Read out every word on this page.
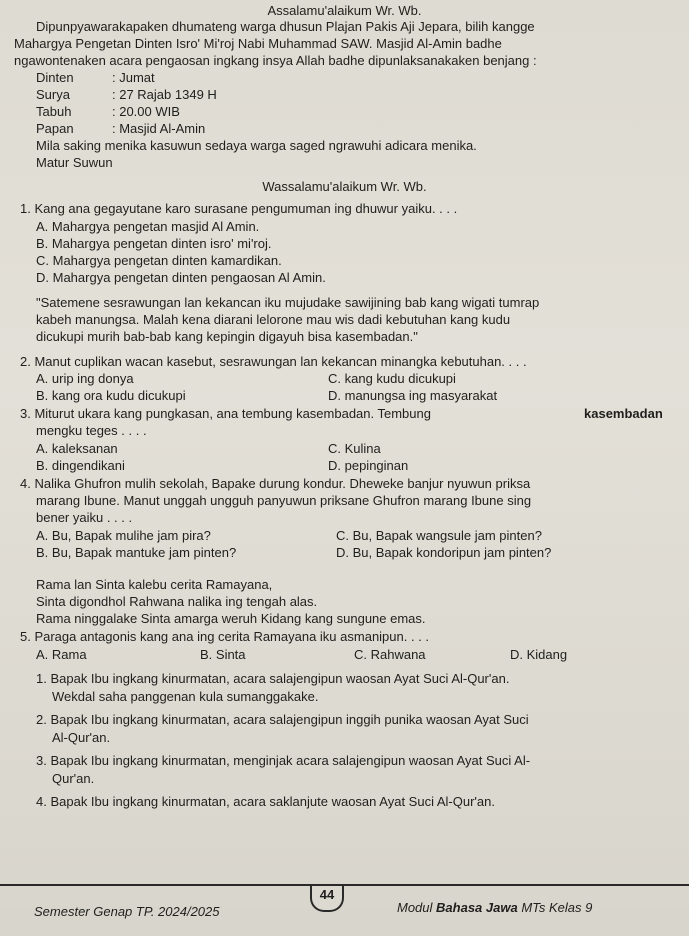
Assalamu'alaikum Wr. Wb.
Dipunpyawarakapaken dhumateng warga dhusun Plajan Pakis Aji Jepara, bilih kangge
Mahargya Pengetan Dinten Isro' Mi'roj Nabi Muhammad SAW. Masjid Al-Amin badhe
ngawontenaken acara pengaosan ingkang insya Allah badhe dipunlaksanakaken benjang :
Dinten	: Jumat
Surya	: 27 Rajab 1349 H
Tabuh	: 20.00 WIB
Papan	: Masjid Al-Amin
Mila saking menika kasuwun sedaya warga saged ngrawuhi adicara menika.
Matur Suwun
Wassalamu'alaikum Wr. Wb.
1. Kang ana gegayutane karo surasane pengumuman ing dhuwur yaiku. . . .
A. Mahargya pengetan masjid Al Amin.
B. Mahargya pengetan dinten isro' mi'roj.
C. Mahargya pengetan dinten kamardikan.
D. Mahargya pengetan dinten pengaosan Al Amin.
"Satemene sesrawungan lan kekancan iku mujudake sawijining bab kang wigati tumrap
kabeh manungsa. Malah kena diarani lelorone mau wis dadi kebutuhan kang kudu
dicukupi murih bab-bab kang kepingin digayuh bisa kasembadan."
2. Manut cuplikan wacan kasebut, sesrawungan lan kekancan minangka kebutuhan. . . .
A. urip ing donya	C. kang kudu dicukupi
B. kang ora kudu dicukupi	D. manungsa ing masyarakat
3. Miturut ukara kang pungkasan, ana tembung kasembadan. Tembung	kasembadan
mengku teges . . . .
A. kaleksanan	C. Kulina
B. dingendikani	D. pepinginan
4. Nalika Ghufron mulih sekolah, Bapake durung kondur. Dheweke banjur nyuwun priksa
marang Ibune. Manut unggah ungguh panyuwun priksane Ghufron marang Ibune sing
bener yaiku . . . .
A. Bu, Bapak mulihe jam pira?	C. Bu, Bapak wangsule jam pinten?
B. Bu, Bapak mantuke jam pinten?	D. Bu, Bapak kondoripun jam pinten?
Rama lan Sinta kalebu cerita Ramayana,
Sinta digondhol Rahwana nalika ing tengah alas.
Rama ninggalake Sinta amarga weruh Kidang kang sungune emas.
5. Paraga antagonis kang ana ing cerita Ramayana iku asmanipun. . . .
A. Rama	B. Sinta	C. Rahwana	D. Kidang
1. Bapak Ibu ingkang kinurmatan, acara salajengipun waosan Ayat Suci Al-Qur'an.
Wekdal saha panggenan kula sumanggakake.
2. Bapak Ibu ingkang kinurmatan, acara salajengipun inggih punika waosan Ayat Suci
Al-Qur'an.
3. Bapak Ibu ingkang kinurmatan, menginjak acara salajengipun waosan Ayat Suci Al-
Qur'an.
4. Bapak Ibu ingkang kinurmatan, acara saklanjute waosan Ayat Suci Al-Qur'an.
44
Semester Genap TP. 2024/2025	Modul Bahasa Jawa MTs Kelas 9
